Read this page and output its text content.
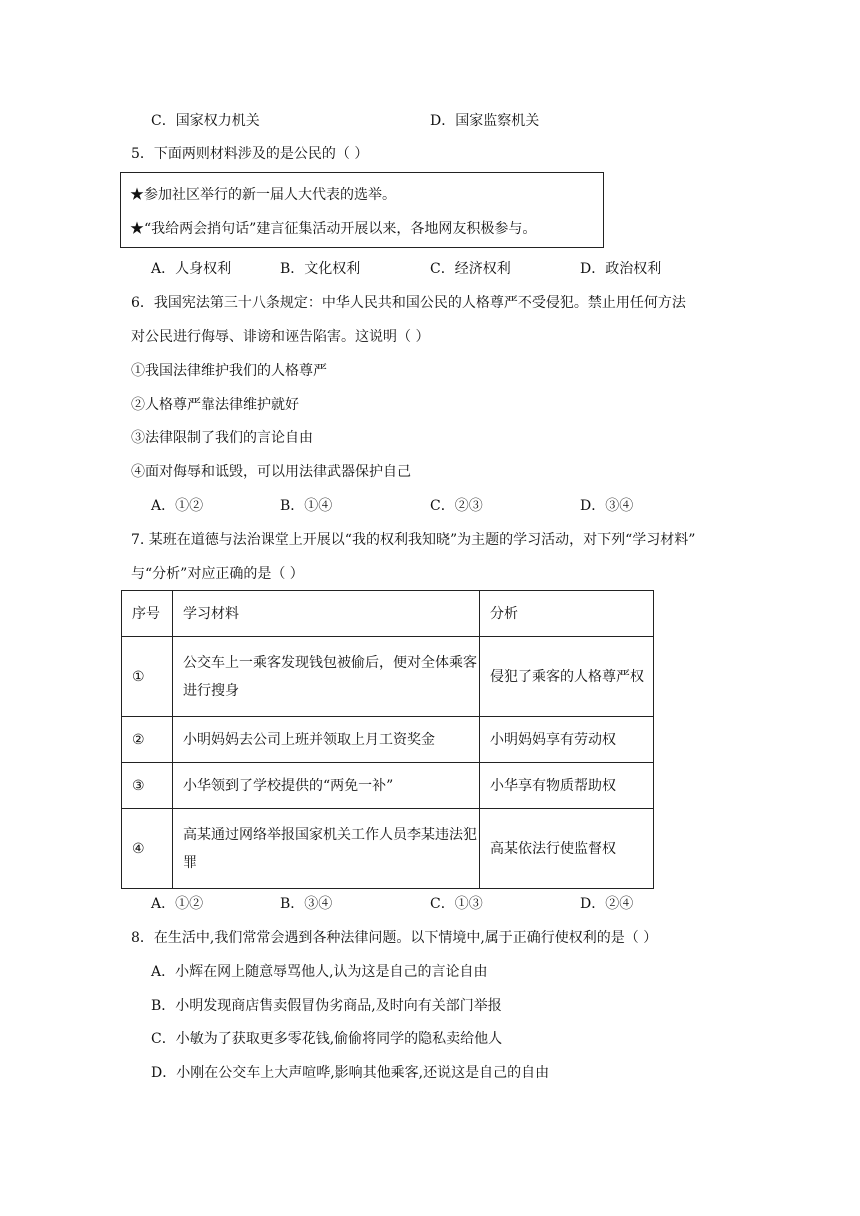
C．国家权力机关	D．国家监察机关
5．下面两则材料涉及的是公民的（ ）
★参加社区举行的新一届人大代表的选举。
★“我给两会捎句话”建言征集活动开展以来，各地网友积极参与。
A．人身权利	B．文化权利	C．经济权利	D．政治权利
6．我国宪法第三十八条规定：中华人民共和国公民的人格尊严不受侵犯。禁止用任何方法
对公民进行侮辱、诽谤和诬告陷害。这说明（ ）
①我国法律维护我们的人格尊严
②人格尊严靠法律维护就好
③法律限制了我们的言论自由
④面对侮辱和诋毁，可以用法律武器保护自己
A．①②	B．①④	C．②③	D．③④
7. 某班在道德与法治课堂上开展以“我的权利我知晓”为主题的学习活动，对下列“学习材料”
与“分析”对应正确的是（ ）
序号	学习材料	分析
①	公交车上一乘客发现钱包被偷后，便对全体乘客进行搜身	侵犯了乘客的人格尊严权
②	小明妈妈去公司上班并领取上月工资奖金	小明妈妈享有劳动权
③	小华领到了学校提供的“两免一补”	小华享有物质帮助权
④	高某通过网络举报国家机关工作人员李某违法犯罪	高某依法行使监督权
A．①②	B．③④	C．①③	D．②④
8．在生活中,我们常常会遇到各种法律问题。以下情境中,属于正确行使权利的是（ ）
A．小辉在网上随意辱骂他人,认为这是自己的言论自由
B．小明发现商店售卖假冒伪劣商品,及时向有关部门举报
C．小敏为了获取更多零花钱,偷偷将同学的隐私卖给他人
D．小刚在公交车上大声喧哗,影响其他乘客,还说这是自己的自由
